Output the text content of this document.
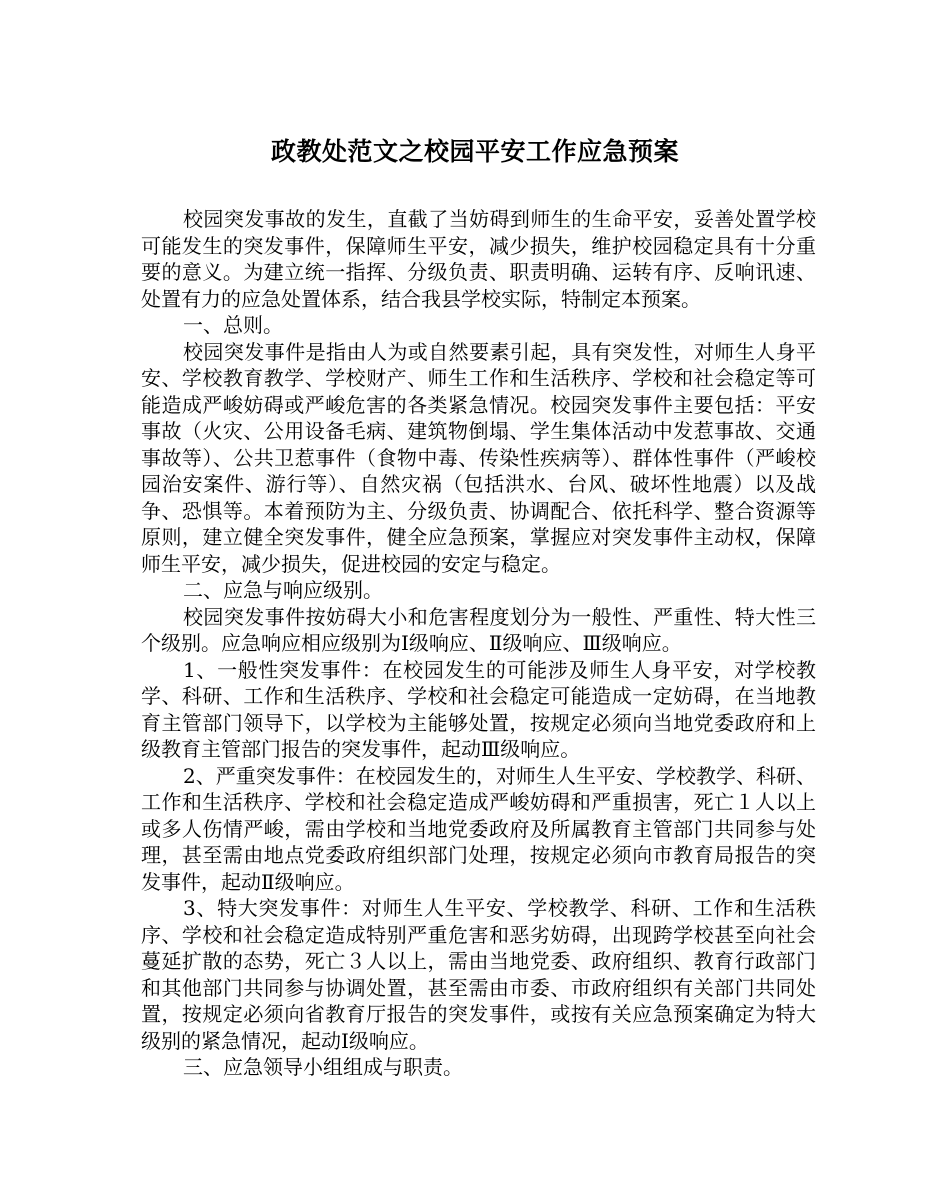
政教处范文之校园平安工作应急预案

校园突发事故的发生，直截了当妨碍到师生的生命平安，妥善处置学校可能发生的突发事件，保障师生平安，减少损失，维护校园稳定具有十分重要的意义。为建立统一指挥、分级负责、职责明确、运转有序、反响讯速、处置有力的应急处置体系，结合我县学校实际，特制定本预案。

一、总则。

校园突发事件是指由人为或自然要素引起，具有突发性，对师生人身平安、学校教育教学、学校财产、师生工作和生活秩序、学校和社会稳定等可能造成严峻妨碍或严峻危害的各类紧急情况。校园突发事件主要包括：平安事故（火灾、公用设备毛病、建筑物倒塌、学生集体活动中发惹事故、交通事故等）、公共卫惹事件（食物中毒、传染性疾病等）、群体性事件（严峻校园治安案件、游行等）、自然灾祸（包括洪水、台风、破坏性地震）以及战争、恐惧等。本着预防为主、分级负责、协调配合、依托科学、整合资源等原则，建立健全突发事件，健全应急预案，掌握应对突发事件主动权，保障师生平安，减少损失，促进校园的安定与稳定。

二、应急与响应级别。

校园突发事件按妨碍大小和危害程度划分为一般性、严重性、特大性三个级别。应急响应相应级别为Ⅰ级响应、Ⅱ级响应、Ⅲ级响应。

1、一般性突发事件：在校园发生的可能涉及师生人身平安，对学校教学、科研、工作和生活秩序、学校和社会稳定可能造成一定妨碍，在当地教育主管部门领导下，以学校为主能够处置，按规定必须向当地党委政府和上级教育主管部门报告的突发事件，起动Ⅲ级响应。

2、严重突发事件：在校园发生的，对师生人生平安、学校教学、科研、工作和生活秩序、学校和社会稳定造成严峻妨碍和严重损害，死亡１人以上或多人伤情严峻，需由学校和当地党委政府及所属教育主管部门共同参与处理，甚至需由地点党委政府组织部门处理，按规定必须向市教育局报告的突发事件，起动Ⅱ级响应。

3、特大突发事件：对师生人生平安、学校教学、科研、工作和生活秩序、学校和社会稳定造成特别严重危害和恶劣妨碍，出现跨学校甚至向社会蔓延扩散的态势，死亡３人以上，需由当地党委、政府组织、教育行政部门和其他部门共同参与协调处置，甚至需由市委、市政府组织有关部门共同处置，按规定必须向省教育厅报告的突发事件，或按有关应急预案确定为特大级别的紧急情况，起动Ⅰ级响应。

三、应急领导小组组成与职责。
